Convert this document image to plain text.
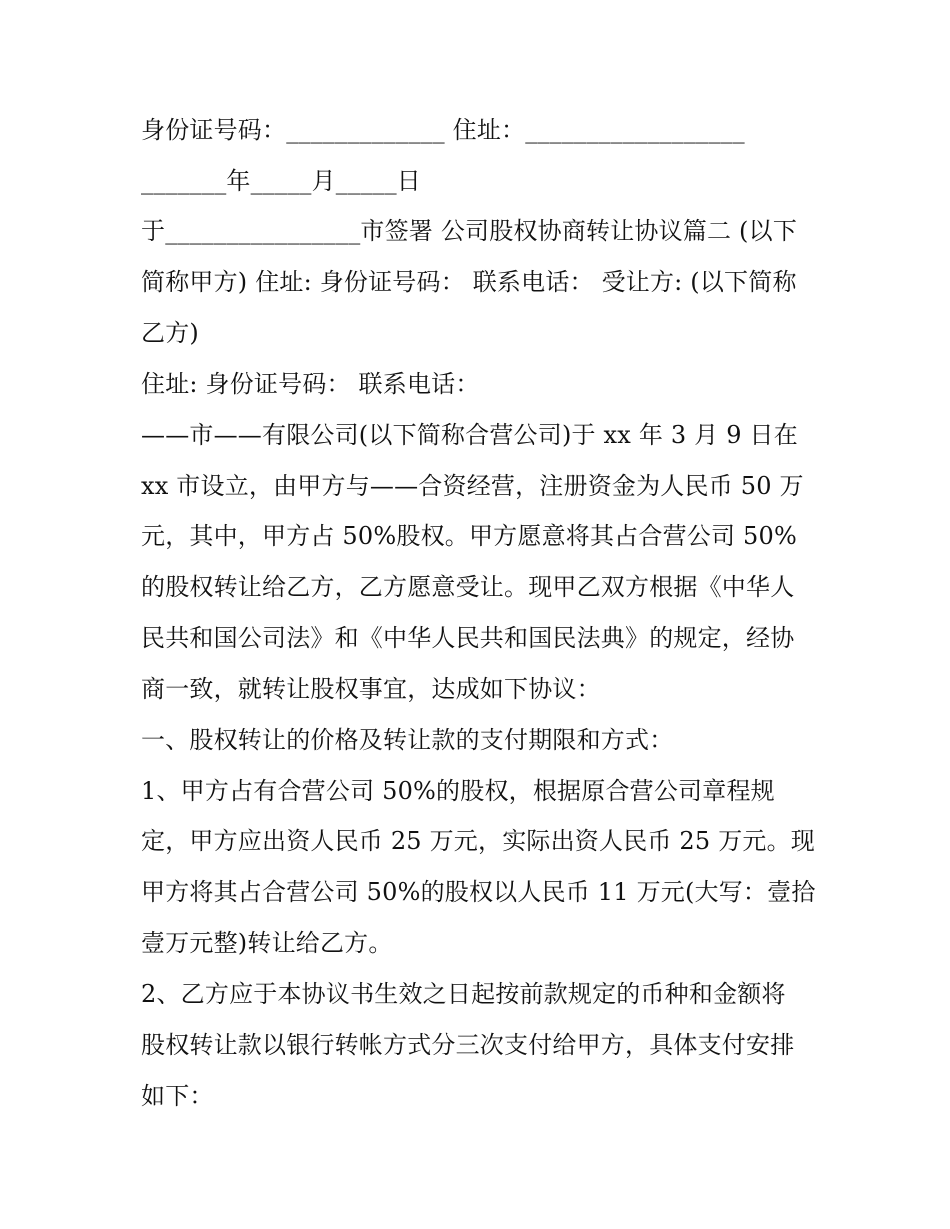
身份证号码：_____________ 住址：__________________
_______年_____月_____日
于________________市签署 公司股权协商转让协议篇二 (以下
简称甲方) 住址: 身份证号码： 联系电话： 受让方: (以下简称
乙方)
住址: 身份证号码： 联系电话：
——市——有限公司(以下简称合营公司)于 xx 年 3 月 9 日在
xx 市设立，由甲方与——合资经营，注册资金为人民币 50 万
元，其中，甲方占 50%股权。甲方愿意将其占合营公司 50%
的股权转让给乙方，乙方愿意受让。现甲乙双方根据《中华人
民共和国公司法》和《中华人民共和国民法典》的规定，经协
商一致，就转让股权事宜，达成如下协议：
一、股权转让的价格及转让款的支付期限和方式：
1、甲方占有合营公司 50%的股权，根据原合营公司章程规
定，甲方应出资人民币 25 万元，实际出资人民币 25 万元。现
甲方将其占合营公司 50%的股权以人民币 11 万元(大写：壹拾
壹万元整)转让给乙方。
2、乙方应于本协议书生效之日起按前款规定的币种和金额将
股权转让款以银行转帐方式分三次支付给甲方，具体支付安排
如下：
